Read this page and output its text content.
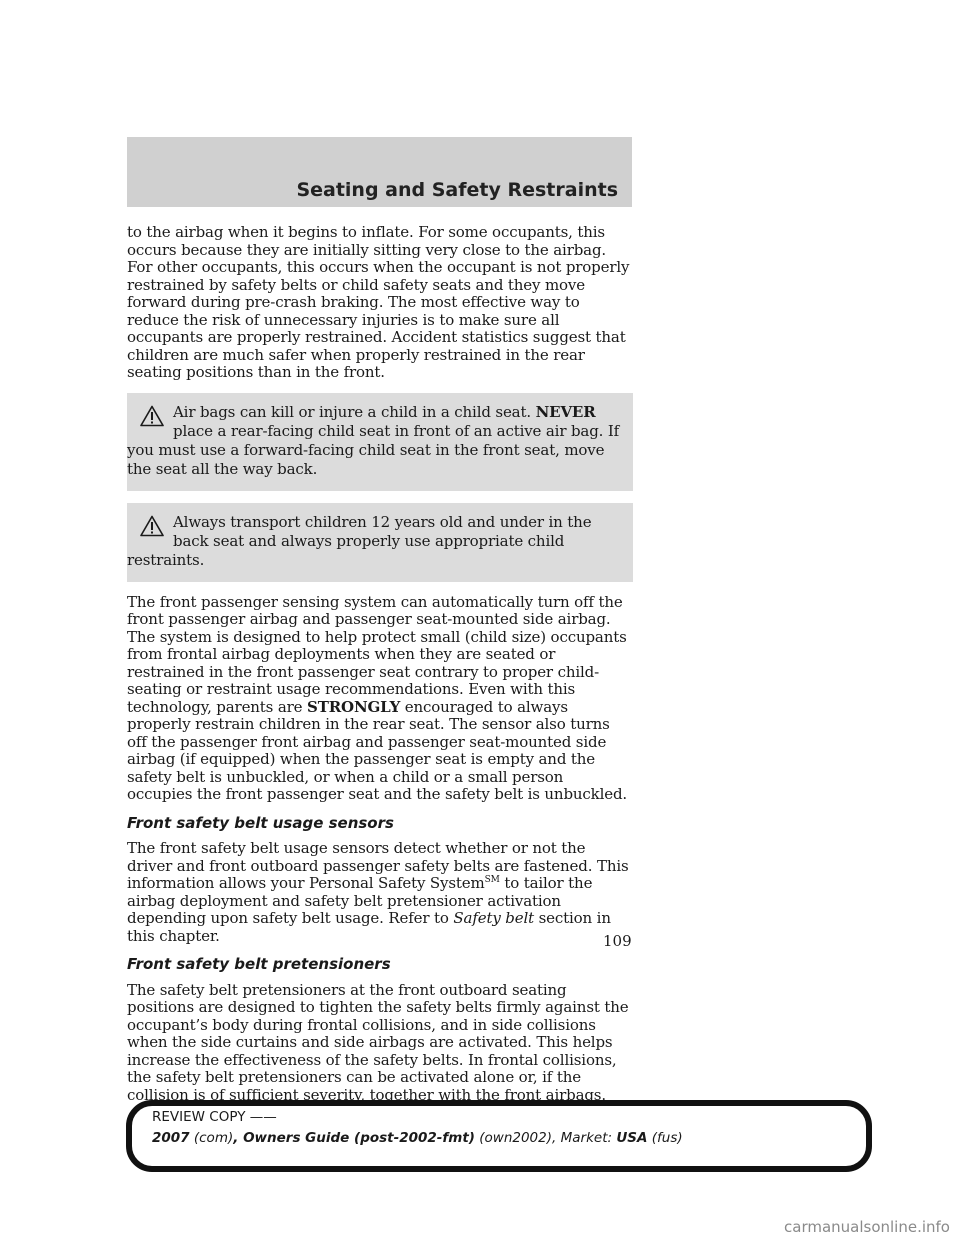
Seating and Safety Restraints

to the airbag when it begins to inflate. For some occupants, this occurs because they are initially sitting very close to the airbag. For other occupants, this occurs when the occupant is not properly restrained by safety belts or child safety seats and they move forward during pre-crash braking. The most effective way to reduce the risk of unnecessary injuries is to make sure all occupants are properly restrained. Accident statistics suggest that children are much safer when properly restrained in the rear seating positions than in the front.

Air bags can kill or injure a child in a child seat. NEVER place a rear-facing child seat in front of an active air bag. If you must use a forward-facing child seat in the front seat, move the seat all the way back.
Always transport children 12 years old and under in the back seat and always properly use appropriate child restraints.

The front passenger sensing system can automatically turn off the front passenger airbag and passenger seat-mounted side airbag. The system is designed to help protect small (child size) occupants from frontal airbag deployments when they are seated or restrained in the front passenger seat contrary to proper child-seating or restraint usage recommendations. Even with this technology, parents are STRONGLY encouraged to always properly restrain children in the rear seat. The sensor also turns off the passenger front airbag and passenger seat-mounted side airbag (if equipped) when the passenger seat is empty and the safety belt is unbuckled, or when a child or a small person occupies the front passenger seat and the safety belt is unbuckled.

Front safety belt usage sensors

The front safety belt usage sensors detect whether or not the driver and front outboard passenger safety belts are fastened. This information allows your Personal Safety System℠ to tailor the airbag deployment and safety belt pretensioner activation depending upon safety belt usage. Refer to Safety belt section in this chapter.

Front safety belt pretensioners

The safety belt pretensioners at the front outboard seating positions are designed to tighten the safety belts firmly against the occupant’s body during frontal collisions, and in side collisions when the side curtains and side airbags are activated. This helps increase the effectiveness of the safety belts. In frontal collisions, the safety belt pretensioners can be activated alone or, if the collision is of sufficient severity, together with the front airbags.

109
REVIEW COPY ——
2007 (com), Owners Guide (post-2002-fmt) (own2002), Market: USA (fus)
carmanualsonline.info
